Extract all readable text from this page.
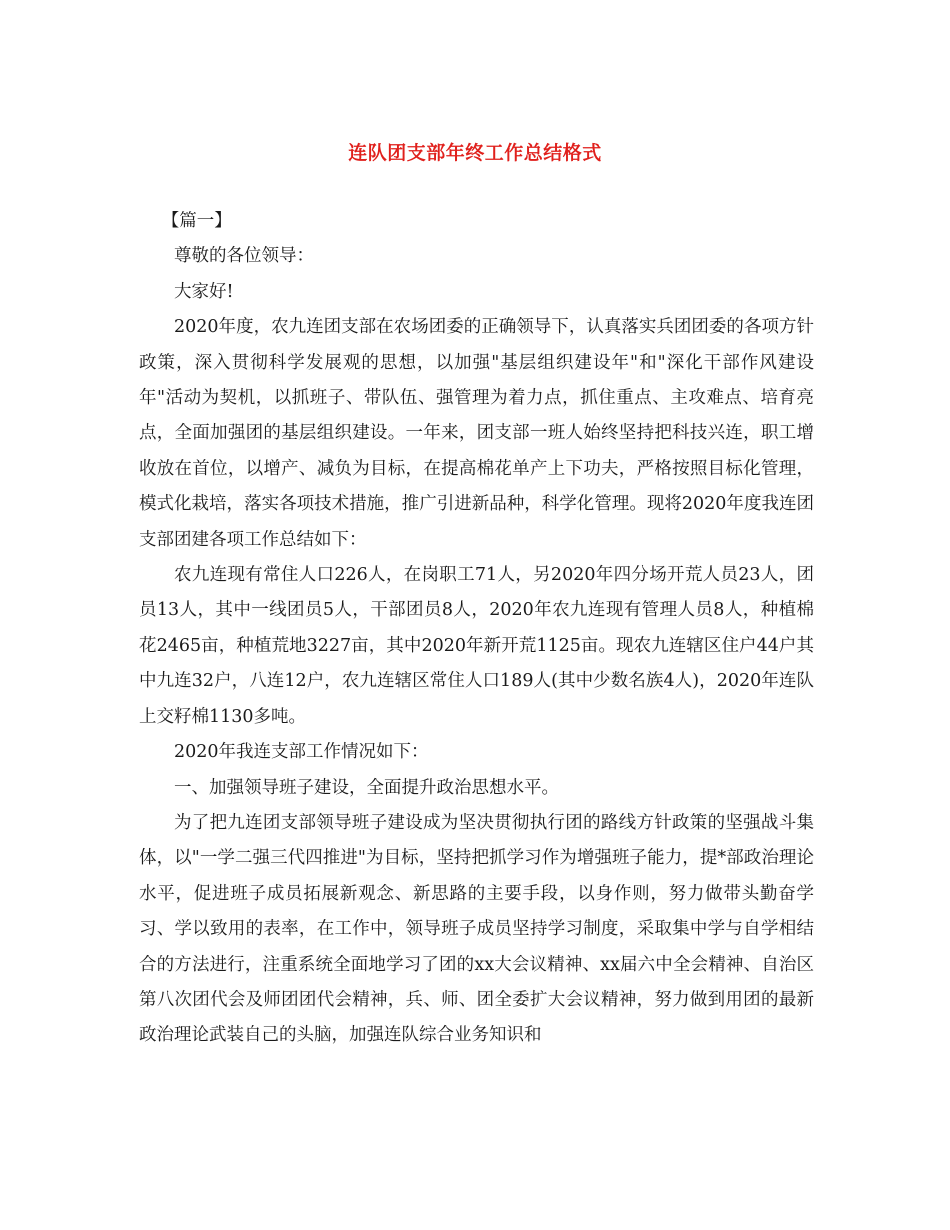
连队团支部年终工作总结格式

【篇一】

尊敬的各位领导：

大家好!

2020年度，农九连团支部在农场团委的正确领导下，认真落实兵团团委的各项方针政策，深入贯彻科学发展观的思想，以加强"基层组织建设年"和"深化干部作风建设年"活动为契机，以抓班子、带队伍、强管理为着力点，抓住重点、主攻难点、培育亮点，全面加强团的基层组织建设。一年来，团支部一班人始终坚持把科技兴连，职工增收放在首位，以增产、减负为目标，在提高棉花单产上下功夫，严格按照目标化管理，模式化栽培，落实各项技术措施，推广引进新品种，科学化管理。现将2020年度我连团支部团建各项工作总结如下：

农九连现有常住人口226人，在岗职工71人，另2020年四分场开荒人员23人，团员13人，其中一线团员5人，干部团员8人，2020年农九连现有管理人员8人，种植棉花2465亩，种植荒地3227亩，其中2020年新开荒1125亩。现农九连辖区住户44户其中九连32户，八连12户，农九连辖区常住人口189人(其中少数名族4人)，2020年连队上交籽棉1130多吨。

2020年我连支部工作情况如下：

一、加强领导班子建设，全面提升政治思想水平。

为了把九连团支部领导班子建设成为坚决贯彻执行团的路线方针政策的坚强战斗集体，以"一学二强三代四推进"为目标，坚持把抓学习作为增强班子能力，提*部政治理论水平，促进班子成员拓展新观念、新思路的主要手段，以身作则，努力做带头勤奋学习、学以致用的表率，在工作中，领导班子成员坚持学习制度，采取集中学与自学相结合的方法进行，注重系统全面地学习了团的xx大会议精神、xx届六中全会精神、自治区第八次团代会及师团团代会精神，兵、师、团全委扩大会议精神，努力做到用团的最新政治理论武装自己的头脑，加强连队综合业务知识和
